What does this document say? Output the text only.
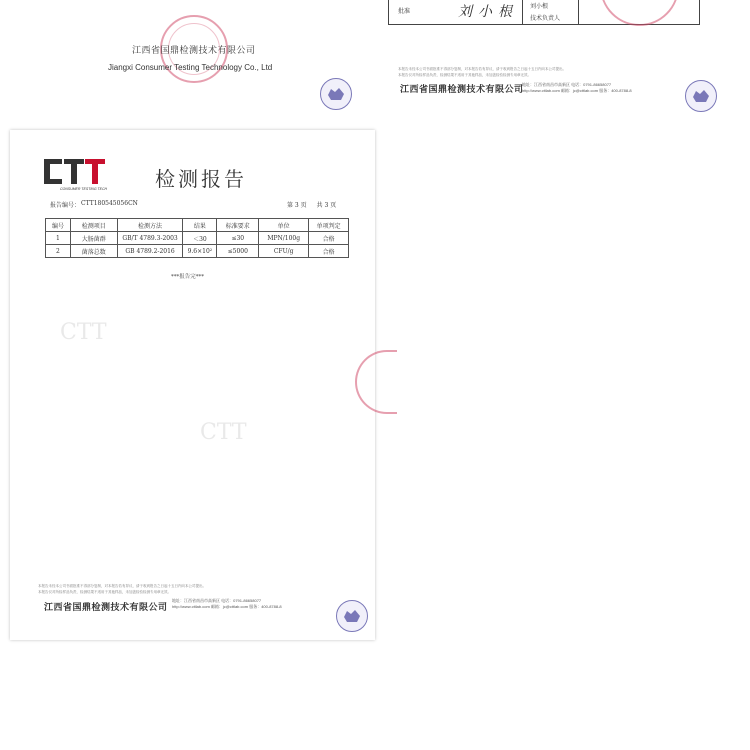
江西省国鼎检测技术有限公司
Jiangxi Consumer Testing Technology Co., Ltd
批准	刘小根 刘小根
技术负责人
本报告未经本公司书面批准不得部分复制，对本报告若有异议，请于收到报告之日起十五日内向本公司提出。
本报告仅对所检样品负责，检测结果不适用于其他样品，未加盖检验检测专用章无效。
江西省国鼎检测技术有限公司
地址：江西省南昌市高新区 电话：0791-86658077
http://www.cttlab.com 邮箱：jc@cttlab.com 服务：400-8788-8
CTT
CTT
CONSUMER TESTING TECH 检测报告
报告编号： CTT180545056CN	第 3 页 共 3 页
编号	检测项目	检测方法	结果	标准要求	单位	单项判定
1	大肠菌群	GB/T 4789.3-2003	＜30	≤30	MPN/100g	合格
2	菌落总数	GB 4789.2-2016	9.6×10²	≤5000	CFU/g	合格
***报告完***
本报告未经本公司书面批准不得部分复制，对本报告若有异议，请于收到报告之日起十五日内向本公司提出。
本报告仅对所检样品负责，检测结果不适用于其他样品，未加盖检验检测专用章无效。
江西省国鼎检测技术有限公司
地址：江西省南昌市高新区 电话：0791-86658077
http://www.cttlab.com 邮箱：jc@cttlab.com 服务：400-8788-8
